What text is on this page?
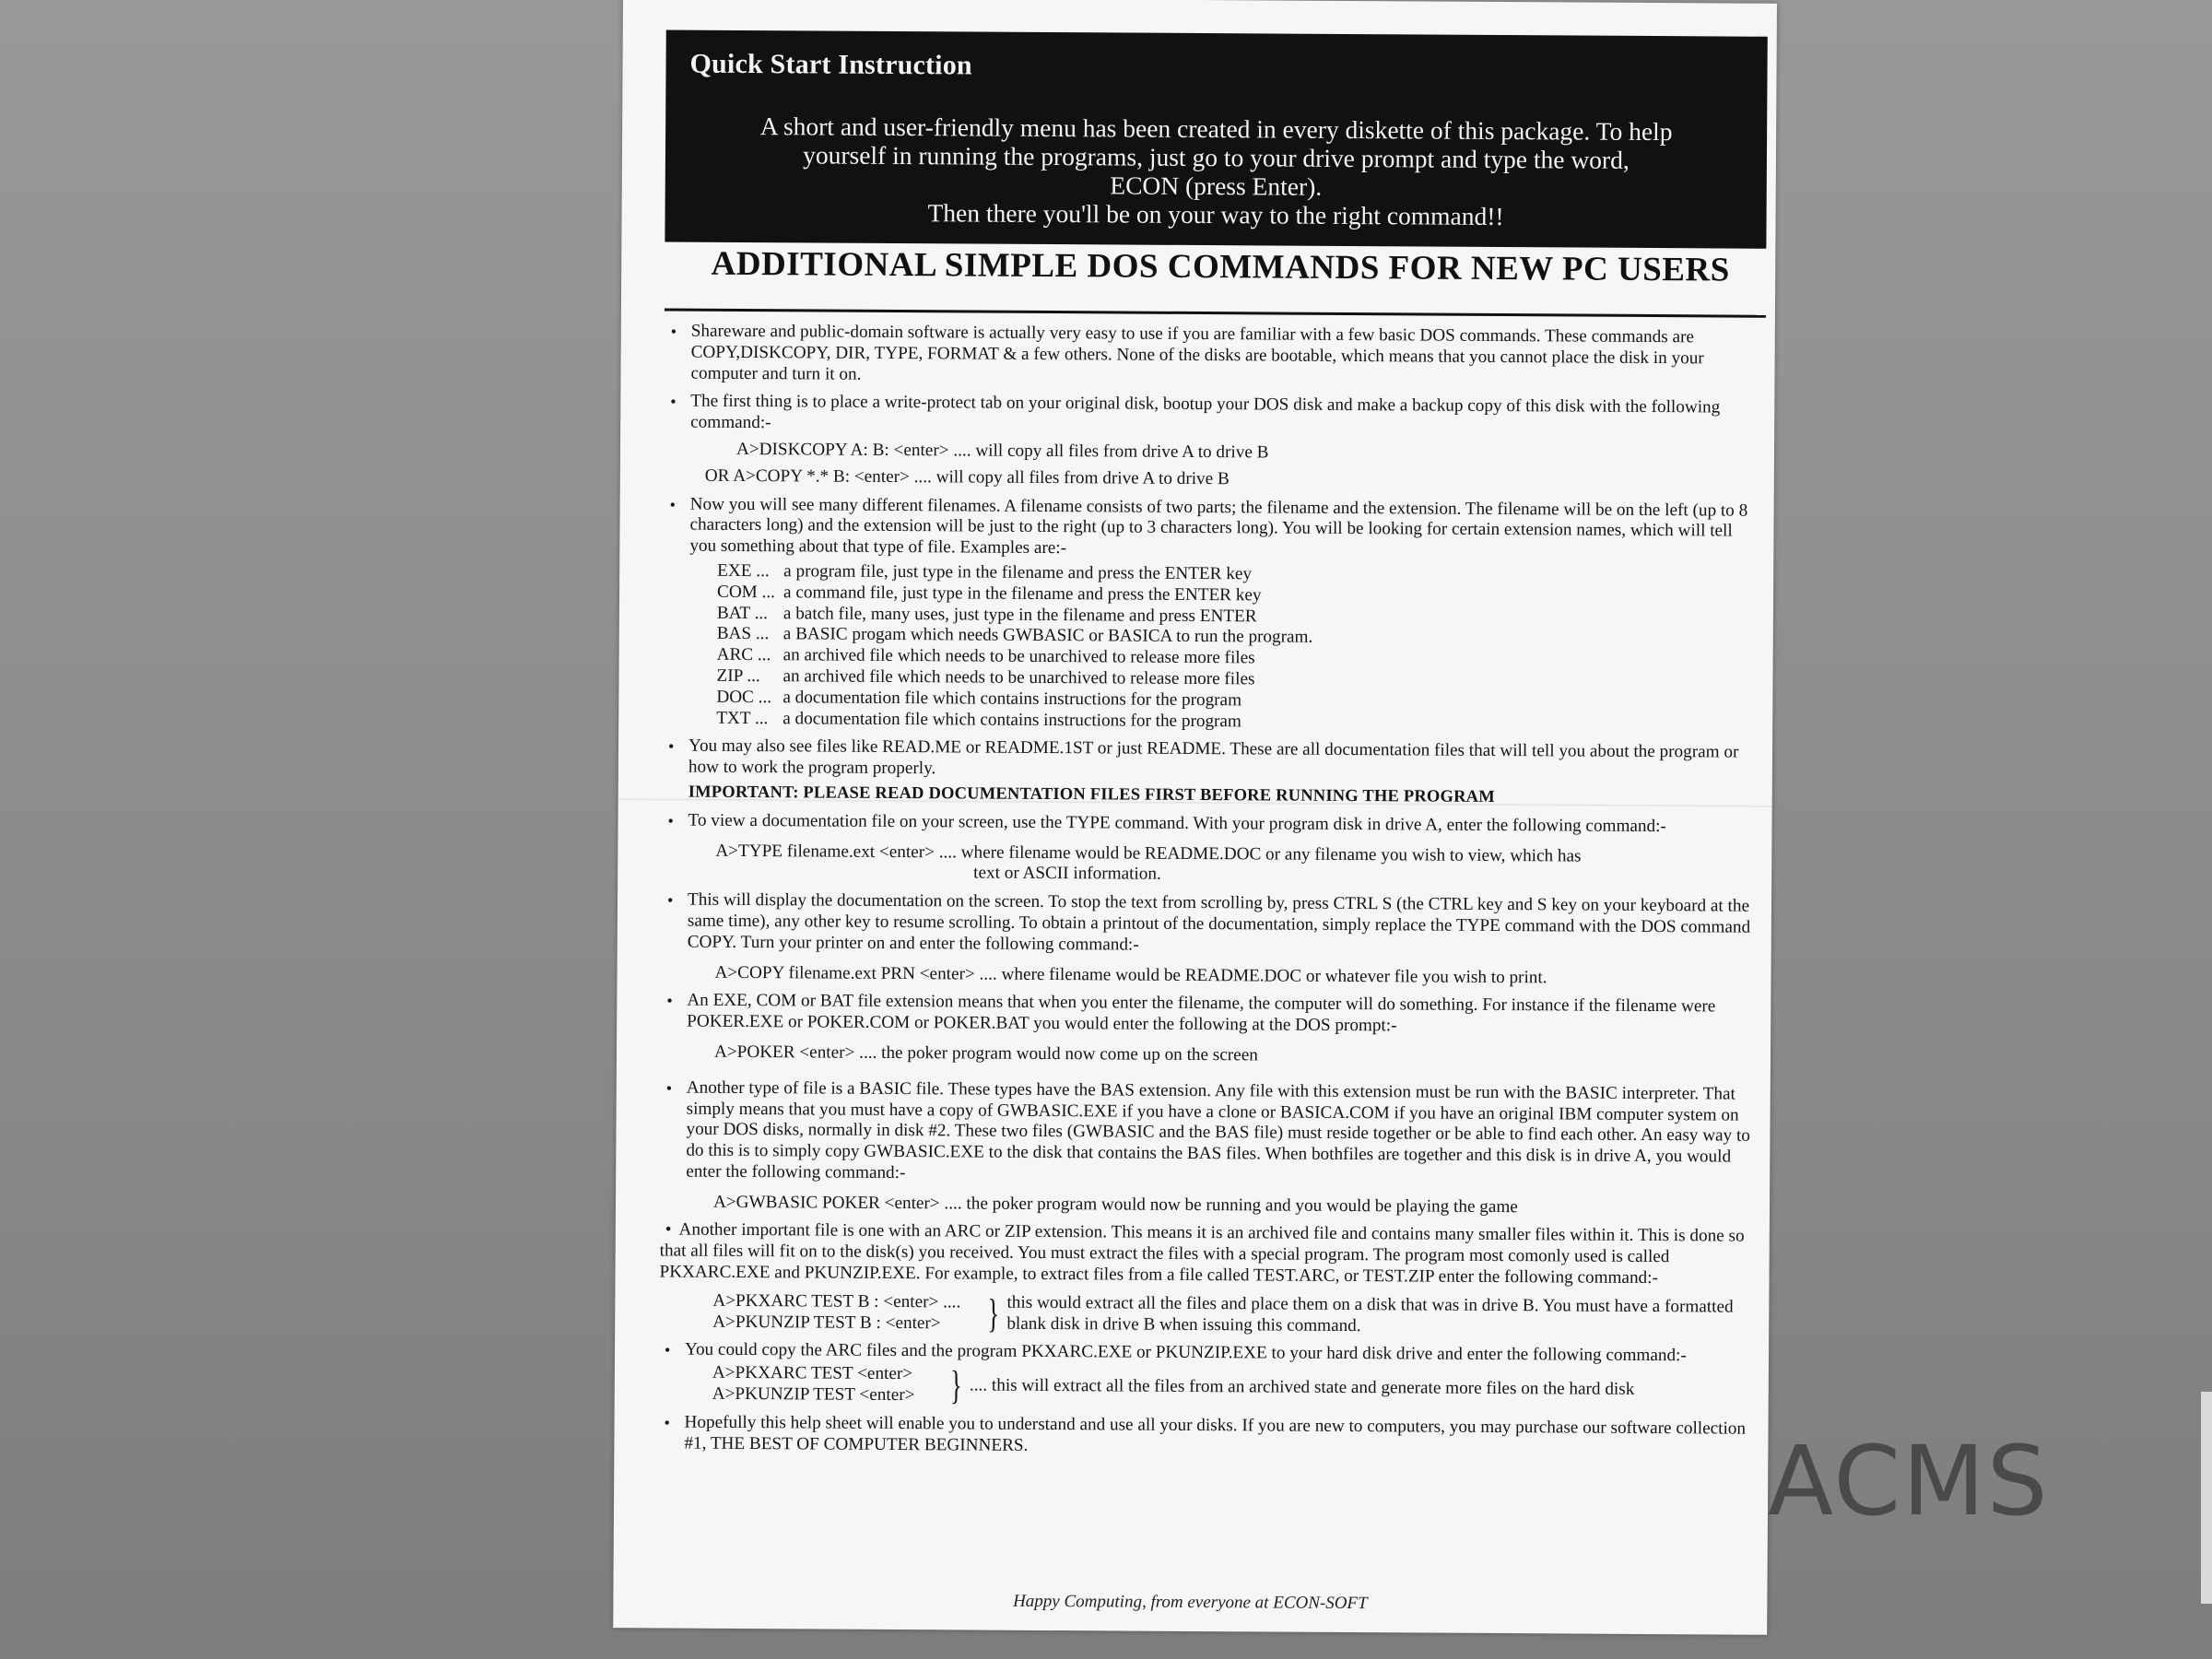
Quick Start Instruction
A short and user-friendly menu has been created in every diskette of this package. To help
yourself in running the programs, just go to your drive prompt and type the word,
ECON (press Enter).
Then there you'll be on your way to the right command!!
ADDITIONAL SIMPLE DOS COMMANDS FOR NEW PC USERS
• Shareware and public-domain software is actually very easy to use if you are familiar with a few basic DOS commands. These commands are COPY,DISKCOPY, DIR, TYPE, FORMAT & a few others. None of the disks are bootable, which means that you cannot place the disk in your computer and turn it on.
• The first thing is to place a write-protect tab on your original disk, bootup your DOS disk and make a backup copy of this disk with the following command:-
A>DISKCOPY A: B: <enter> .... will copy all files from drive A to drive B
OR A>COPY *.* B: <enter> .... will copy all files from drive A to drive B
• Now you will see many different filenames. A filename consists of two parts; the filename and the extension. The filename will be on the left (up to 8 characters long) and the extension will be just to the right (up to 3 characters long). You will be looking for certain extension names, which will tell you something about that type of file. Examples are:-
EXE ... a program file, just type in the filename and press the ENTER key
COM ... a command file, just type in the filename and press the ENTER key
BAT ... a batch file, many uses, just type in the filename and press ENTER
BAS ... a BASIC progam which needs GWBASIC or BASICA to run the program.
ARC ... an archived file which needs to be unarchived to release more files
ZIP ...	an archived file which needs to be unarchived to release more files
DOC ... a documentation file which contains instructions for the program
TXT ... a documentation file which contains instructions for the program
• You may also see files like READ.ME or README.1ST or just README. These are all documentation files that will tell you about the program or how to work the program properly.
IMPORTANT: PLEASE READ DOCUMENTATION FILES FIRST BEFORE RUNNING THE PROGRAM
• To view a documentation file on your screen, use the TYPE command. With your program disk in drive A, enter the following command:-
A>TYPE filename.ext <enter> .... where filename would be README.DOC or any filename you wish to view, which has
text or ASCII information.
• This will display the documentation on the screen. To stop the text from scrolling by, press CTRL S (the CTRL key and S key on your keyboard at the same time), any other key to resume scrolling. To obtain a printout of the documentation, simply replace the TYPE command with the DOS command COPY. Turn your printer on and enter the following command:-
A>COPY filename.ext PRN <enter> .... where filename would be README.DOC or whatever file you wish to print.
• An EXE, COM or BAT file extension means that when you enter the filename, the computer will do something. For instance if the filename were POKER.EXE or POKER.COM or POKER.BAT you would enter the following at the DOS prompt:-
A>POKER <enter> .... the poker program would now come up on the screen
• Another type of file is a BASIC file. These types have the BAS extension. Any file with this extension must be run with the BASIC interpreter. That simply means that you must have a copy of GWBASIC.EXE if you have a clone or BASICA.COM if you have an original IBM computer system on your DOS disks, normally in disk #2. These two files (GWBASIC and the BAS file) must reside together or be able to find each other. An easy way to do this is to simply copy GWBASIC.EXE to the disk that contains the BAS files. When bothfiles are together and this disk is in drive A, you would enter the following command:-
A>GWBASIC POKER <enter> .... the poker program would now be running and you would be playing the game
• Another important file is one with an ARC or ZIP extension. This means it is an archived file and contains many smaller files within it. This is done so that all files will fit on to the disk(s) you received. You must extract the files with a special program. The program most comonly used is called PKXARC.EXE and PKUNZIP.EXE. For example, to extract files from a file called TEST.ARC, or TEST.ZIP enter the following command:-
A>PKXARC TEST B : <enter> ....
A>PKUNZIP TEST B : <enter>	} this would extract all the files and place them on a disk that was in drive B. You must have a formatted blank disk in drive B when issuing this command.
• You could copy the ARC files and the program PKXARC.EXE or PKUNZIP.EXE to your hard disk drive and enter the following command:-
A>PKXARC TEST <enter>
A>PKUNZIP TEST <enter> } .... this will extract all the files from an archived state and generate more files on the hard disk
• Hopefully this help sheet will enable you to understand and use all your disks. If you are new to computers, you may purchase our software collection #1, THE BEST OF COMPUTER BEGINNERS.
Happy Computing, from everyone at ECON-SOFT
ACMS
